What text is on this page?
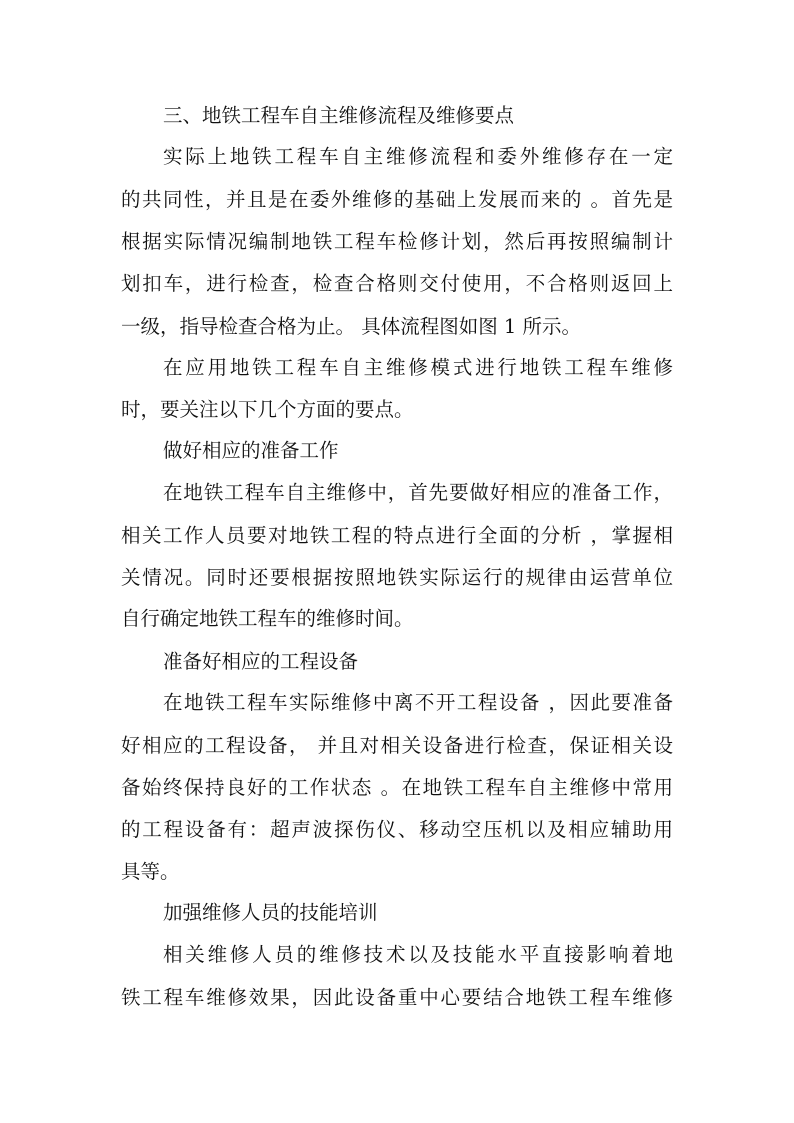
三、地铁工程车自主维修流程及维修要点
实际上地铁工程车自主维修流程和委外维修存在一定
的共同性，并且是在委外维修的基础上发展而来的 。首先是
根据实际情况编制地铁工程车检修计划，然后再按照编制计
划扣车，进行检查，检查合格则交付使用，不合格则返回上
一级，指导检查合格为止。 具体流程图如图 1 所示。
在应用地铁工程车自主维修模式进行地铁工程车维修
时，要关注以下几个方面的要点。
做好相应的准备工作
在地铁工程车自主维修中，首先要做好相应的准备工作，
相关工作人员要对地铁工程的特点进行全面的分析 ，掌握相
关情况。同时还要根据按照地铁实际运行的规律由运营单位
自行确定地铁工程车的维修时间。
准备好相应的工程设备
在地铁工程车实际维修中离不开工程设备 ，因此要准备
好相应的工程设备， 并且对相关设备进行检查，保证相关设
备始终保持良好的工作状态 。在地铁工程车自主维修中常用
的工程设备有：超声波探伤仪、移动空压机以及相应辅助用
具等。
加强维修人员的技能培训
相关维修人员的维修技术以及技能水平直接影响着地
铁工程车维修效果，因此设备重中心要结合地铁工程车维修
